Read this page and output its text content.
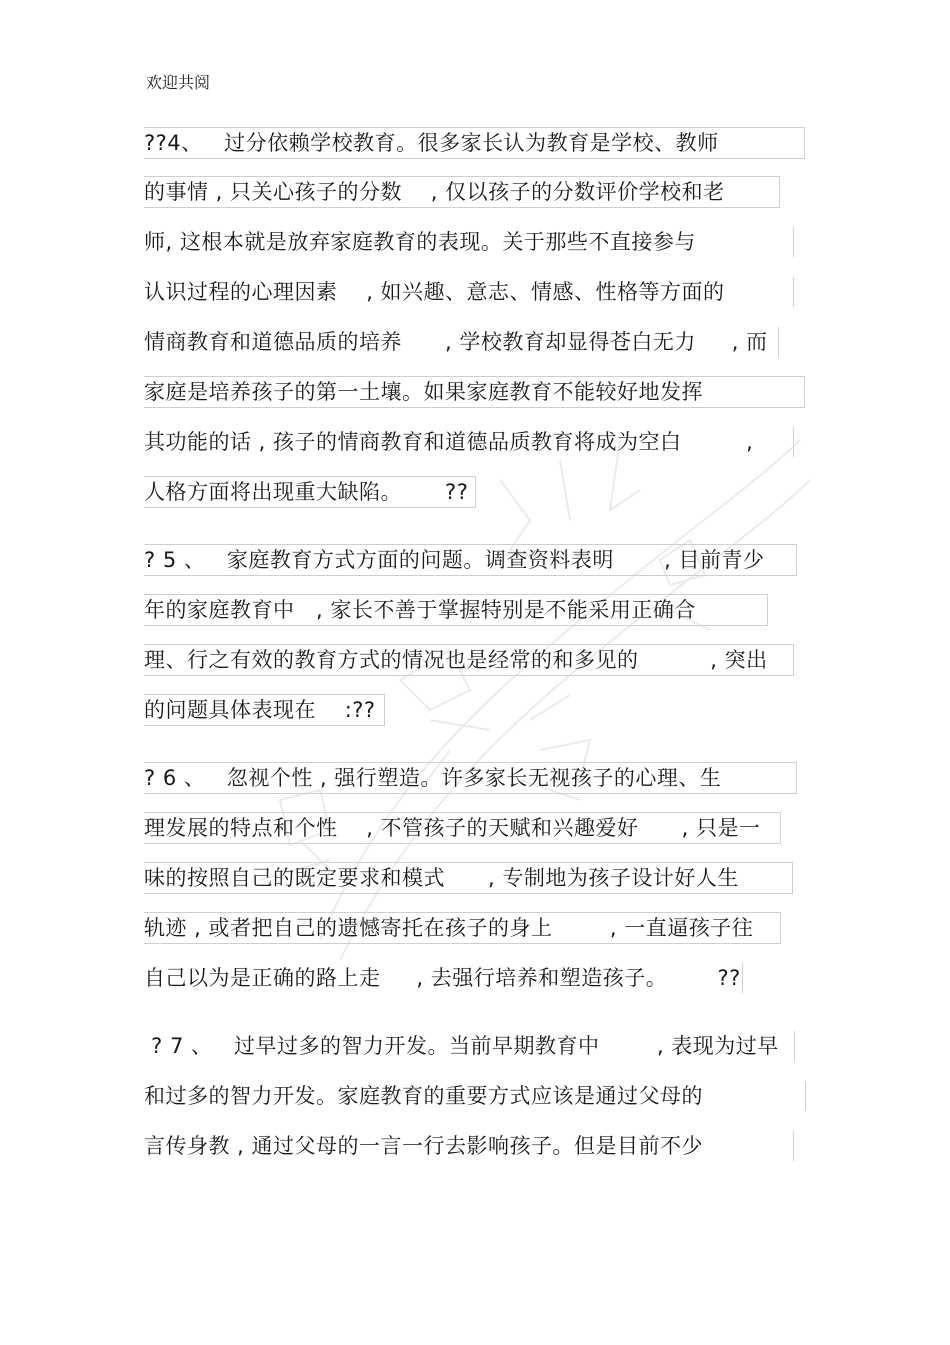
欢迎共阅
??4、   过分依赖学校教育。很多家长认为教育是学校、教师
的事情 , 只关心孩子的分数    , 仅以孩子的分数评价学校和老
师, 这根本就是放弃家庭教育的表现。关于那些不直接参与
认识过程的心理因素    , 如兴趣、意志、情感、性格等方面的
情商教育和道德品质的培养      , 学校教育却显得苍白无力     , 而
家庭是培养孩子的第一土壤。如果家庭教育不能较好地发挥
其功能的话 , 孩子的情商教育和道德品质教育将成为空白         ,
人格方面将出现重大缺陷。      ??
? 5 、   家庭教育方式方面的问题。调查资料表明       , 目前青少
年的家庭教育中   , 家长不善于掌握特别是不能采用正确合
理、行之有效的教育方式的情况也是经常的和多见的          , 突出
的问题具体表现在    :??
? 6 、   忽视个性 , 强行塑造。许多家长无视孩子的心理、生
理发展的特点和个性    , 不管孩子的天赋和兴趣爱好      , 只是一
味的按照自己的既定要求和模式      , 专制地为孩子设计好人生
轨迹 , 或者把自己的遗憾寄托在孩子的身上        , 一直逼孩子往
自己以为是正确的路上走     , 去强行培养和塑造孩子。       ??
? 7 、   过早过多的智力开发。当前早期教育中        , 表现为过早
和过多的智力开发。家庭教育的重要方式应该是通过父母的
言传身教 , 通过父母的一言一行去影响孩子。但是目前不少
